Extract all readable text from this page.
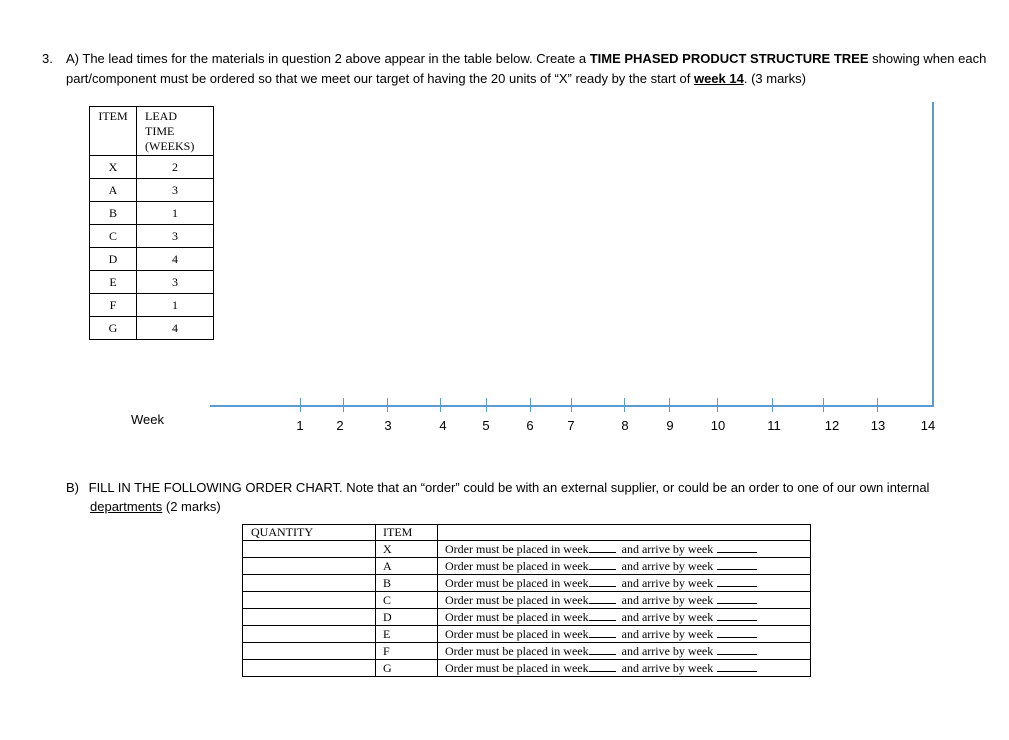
3. A) The lead times for the materials in question 2 above appear in the table below. Create a TIME PHASED PRODUCT STRUCTURE TREE showing when each
part/component must be ordered so that we meet our target of having the 20 units of “X” ready by the start of week 14. (3 marks)
ITEM	LEAD
TIME
(WEEKS)

X	2
A	3
B	1
C	3
D	4
E	3
F	1
G	4
Week	1	2	3	4	5	6	7	8	9	10	11	12 13	14
B) FILL IN THE FOLLOWING ORDER CHART. Note that an “order” could be with an external supplier, or could be an order to one of our own internal
departments (2 marks)
QUANTITY	ITEM	
	X	Order must be placed in week and arrive by week
	A	Order must be placed in week and arrive by week
	B	Order must be placed in week and arrive by week
	C	Order must be placed in week and arrive by week
	D	Order must be placed in week and arrive by week
	E	Order must be placed in week and arrive by week
	F	Order must be placed in week and arrive by week
	G	Order must be placed in week and arrive by week
